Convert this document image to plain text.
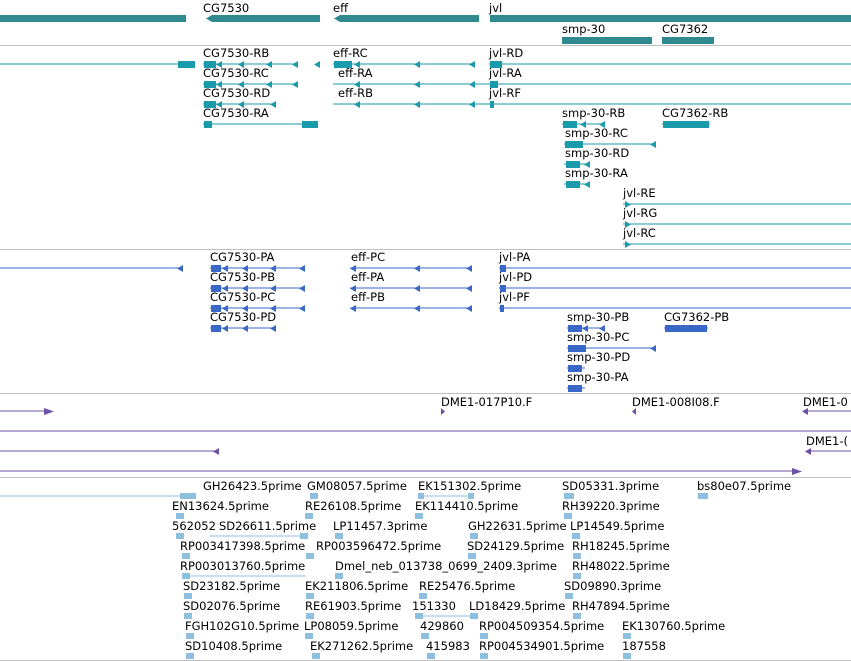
CG7530	eff	jvl
smp-30	CG7362
CG7530-RB
CG7530-RC
CG7530-RD
CG7530-RA
eff-RC
eff-RA
eff-RB
jvl-RD
jvl-RA
jvl-RF
smp-30-RB
smp-30-RC
smp-30-RD
smp-30-RA
CG7362-RB
jvl-RE
jvl-RG
jvl-RC
CG7530-PA
CG7530-PB
CG7530-PC
CG7530-PD
eff-PC
eff-PA
eff-PB
jvl-PA
jvl-PD
jvl-PF
smp-30-PB
smp-30-PC
smp-30-PD
smp-30-PA
CG7362-PB
DME1-017P10.F	DME1-008I08.F	DME1-0
DME1-(
GH26423.5prime GM08057.5prime EK151302.5prime	SD05331.3prime	bs80e07.5prime
EN13624.5prime	RE26108.5prime EK114410.5prime	RH39220.3prime
562052 SD26611.5prime LP11457.3prime	GH22631.5prime LP14549.5prime
RP003417398.5prime RP003596472.5prime SD24129.5prime RH18245.5prime
RP003013760.5prime	Dmel_neb_013738_0699_2409.3prime RH48022.5prime
SD23182.5prime EK211806.5prime RE25476.5prime	SD09890.3prime
SD02076.5prime RE61903.5prime 151330 LD18429.5prime RH47894.5prime
FGH102G10.5prime LP08059.5prime 429860 RP004509354.5prime EK130760.5prime
SD10408.5prime EK271262.5prime 415983 RP004534901.5prime 187558
